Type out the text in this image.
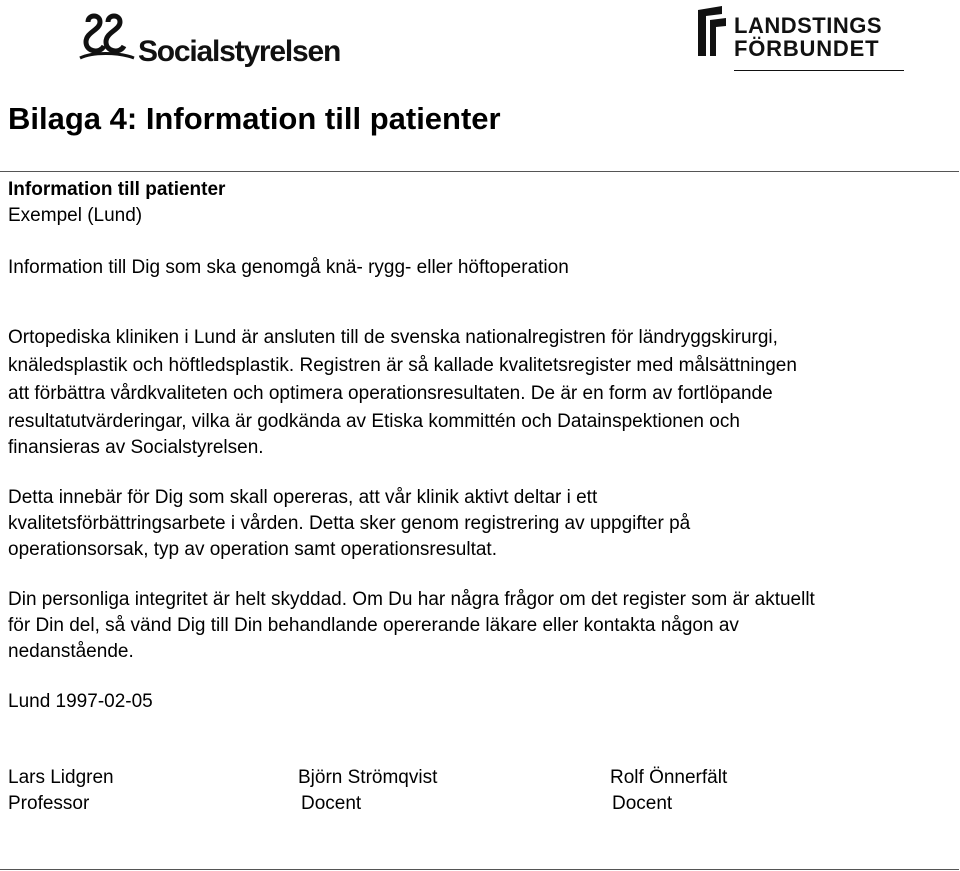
Socialstyrelsen
LANDSTINGS
FÖRBUNDET
Bilaga 4: Information till patienter

Information till patienter

Exempel (Lund)

Information till Dig som ska genomgå knä- rygg- eller höftoperation

Ortopediska kliniken i Lund är ansluten till de svenska nationalregistren för ländryggskirurgi,

knäledsplastik och höftledsplastik. Registren är så kallade kvalitetsregister med målsättningen

att förbättra vårdkvaliteten och optimera operationsresultaten. De är en form av fortlöpande

resultatutvärderingar, vilka är godkända av Etiska kommittén och Datainspektionen och

finansieras av Socialstyrelsen.

Detta innebär för Dig som skall opereras, att vår klinik aktivt deltar i ett

kvalitetsförbättringsarbete i vården. Detta sker genom registrering av uppgifter på

operationsorsak, typ av operation samt operationsresultat.

Din personliga integritet är helt skyddad. Om Du har några frågor om det register som är aktuellt

för Din del, så vänd Dig till Din behandlande opererande läkare eller kontakta någon av

nedanstående.

Lund 1997-02-05

Lars Lidgren
Professor
Björn Strömqvist
Docent
Rolf Önnerfält
Docent
